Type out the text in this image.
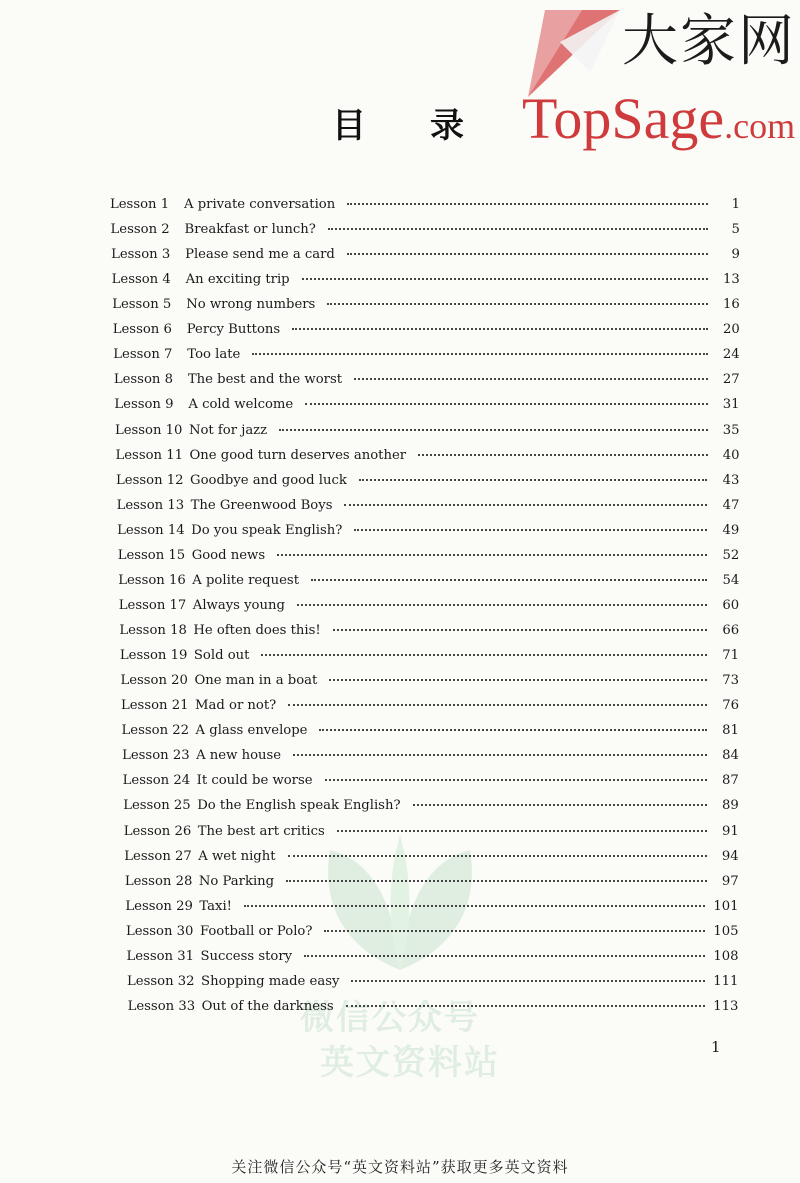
大家网
TopSage.com
目录
微信公众号
英文资料站
Lesson 1	A private conversation	1
Lesson 2	Breakfast or lunch?	5
Lesson 3	Please send me a card	9
Lesson 4	An exciting trip	13
Lesson 5	No wrong numbers	16
Lesson 6	Percy Buttons	20
Lesson 7	Too late	24
Lesson 8	The best and the worst	27
Lesson 9	A cold welcome	31
Lesson 10 Not for jazz	35
Lesson 11 One good turn deserves another	40
Lesson 12 Goodbye and good luck	43
Lesson 13 The Greenwood Boys	47
Lesson 14 Do you speak English?	49
Lesson 15 Good news	52
Lesson 16 A polite request	54
Lesson 17 Always young	60
Lesson 18 He often does this!	66
Lesson 19 Sold out	71
Lesson 20 One man in a boat	73
Lesson 21 Mad or not?	76
Lesson 22 A glass envelope	81
Lesson 23 A new house	84
Lesson 24 It could be worse	87
Lesson 25 Do the English speak English?	89
Lesson 26 The best art critics	91
Lesson 27 A wet night	94
Lesson 28 No Parking	97
Lesson 29 Taxi!	101
Lesson 30 Football or Polo?	105
Lesson 31 Success story	108
Lesson 32 Shopping made easy	111
Lesson 33 Out of the darkness	113
1
关注微信公众号“英文资料站”获取更多英文资料
